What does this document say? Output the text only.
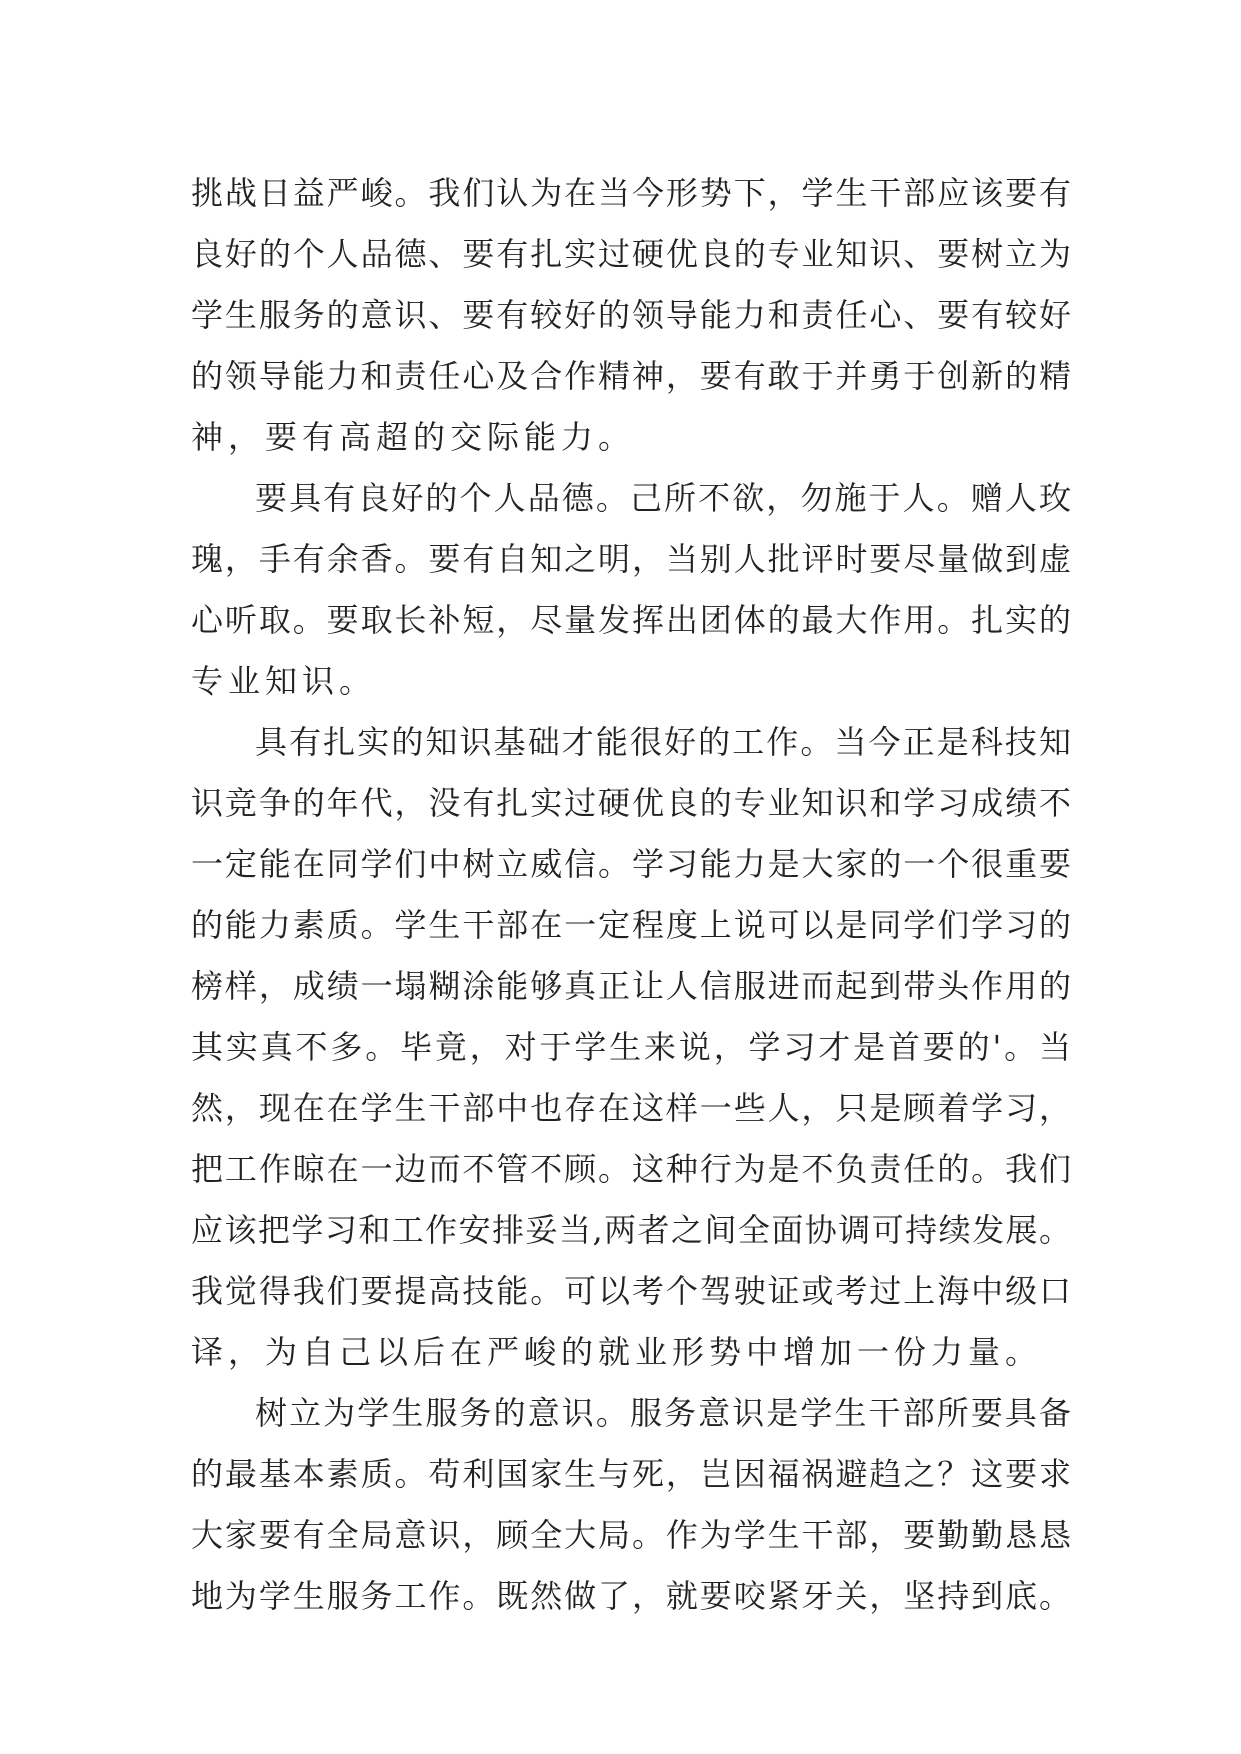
挑战日益严峻。我们认为在当今形势下，学生干部应该要有
良好的个人品德、要有扎实过硬优良的专业知识、要树立为
学生服务的意识、要有较好的领导能力和责任心、要有较好
的领导能力和责任心及合作精神，要有敢于并勇于创新的精
神，要有高超的交际能力。
要具有良好的个人品德。己所不欲，勿施于人。赠人玫
瑰，手有余香。要有自知之明，当别人批评时要尽量做到虚
心听取。要取长补短，尽量发挥出团体的最大作用。扎实的
专业知识。
具有扎实的知识基础才能很好的工作。当今正是科技知
识竞争的年代，没有扎实过硬优良的专业知识和学习成绩不
一定能在同学们中树立威信。学习能力是大家的一个很重要
的能力素质。学生干部在一定程度上说可以是同学们学习的
榜样，成绩一塌糊涂能够真正让人信服进而起到带头作用的
其实真不多。毕竟，对于学生来说，学习才是首要的'。当
然，现在在学生干部中也存在这样一些人，只是顾着学习，
把工作晾在一边而不管不顾。这种行为是不负责任的。我们
应该把学习和工作安排妥当,两者之间全面协调可持续发展。
我觉得我们要提高技能。可以考个驾驶证或考过上海中级口
译，为自己以后在严峻的就业形势中增加一份力量。
树立为学生服务的意识。服务意识是学生干部所要具备
的最基本素质。苟利国家生与死，岂因福祸避趋之？这要求
大家要有全局意识，顾全大局。作为学生干部，要勤勤恳恳
地为学生服务工作。既然做了，就要咬紧牙关，坚持到底。
